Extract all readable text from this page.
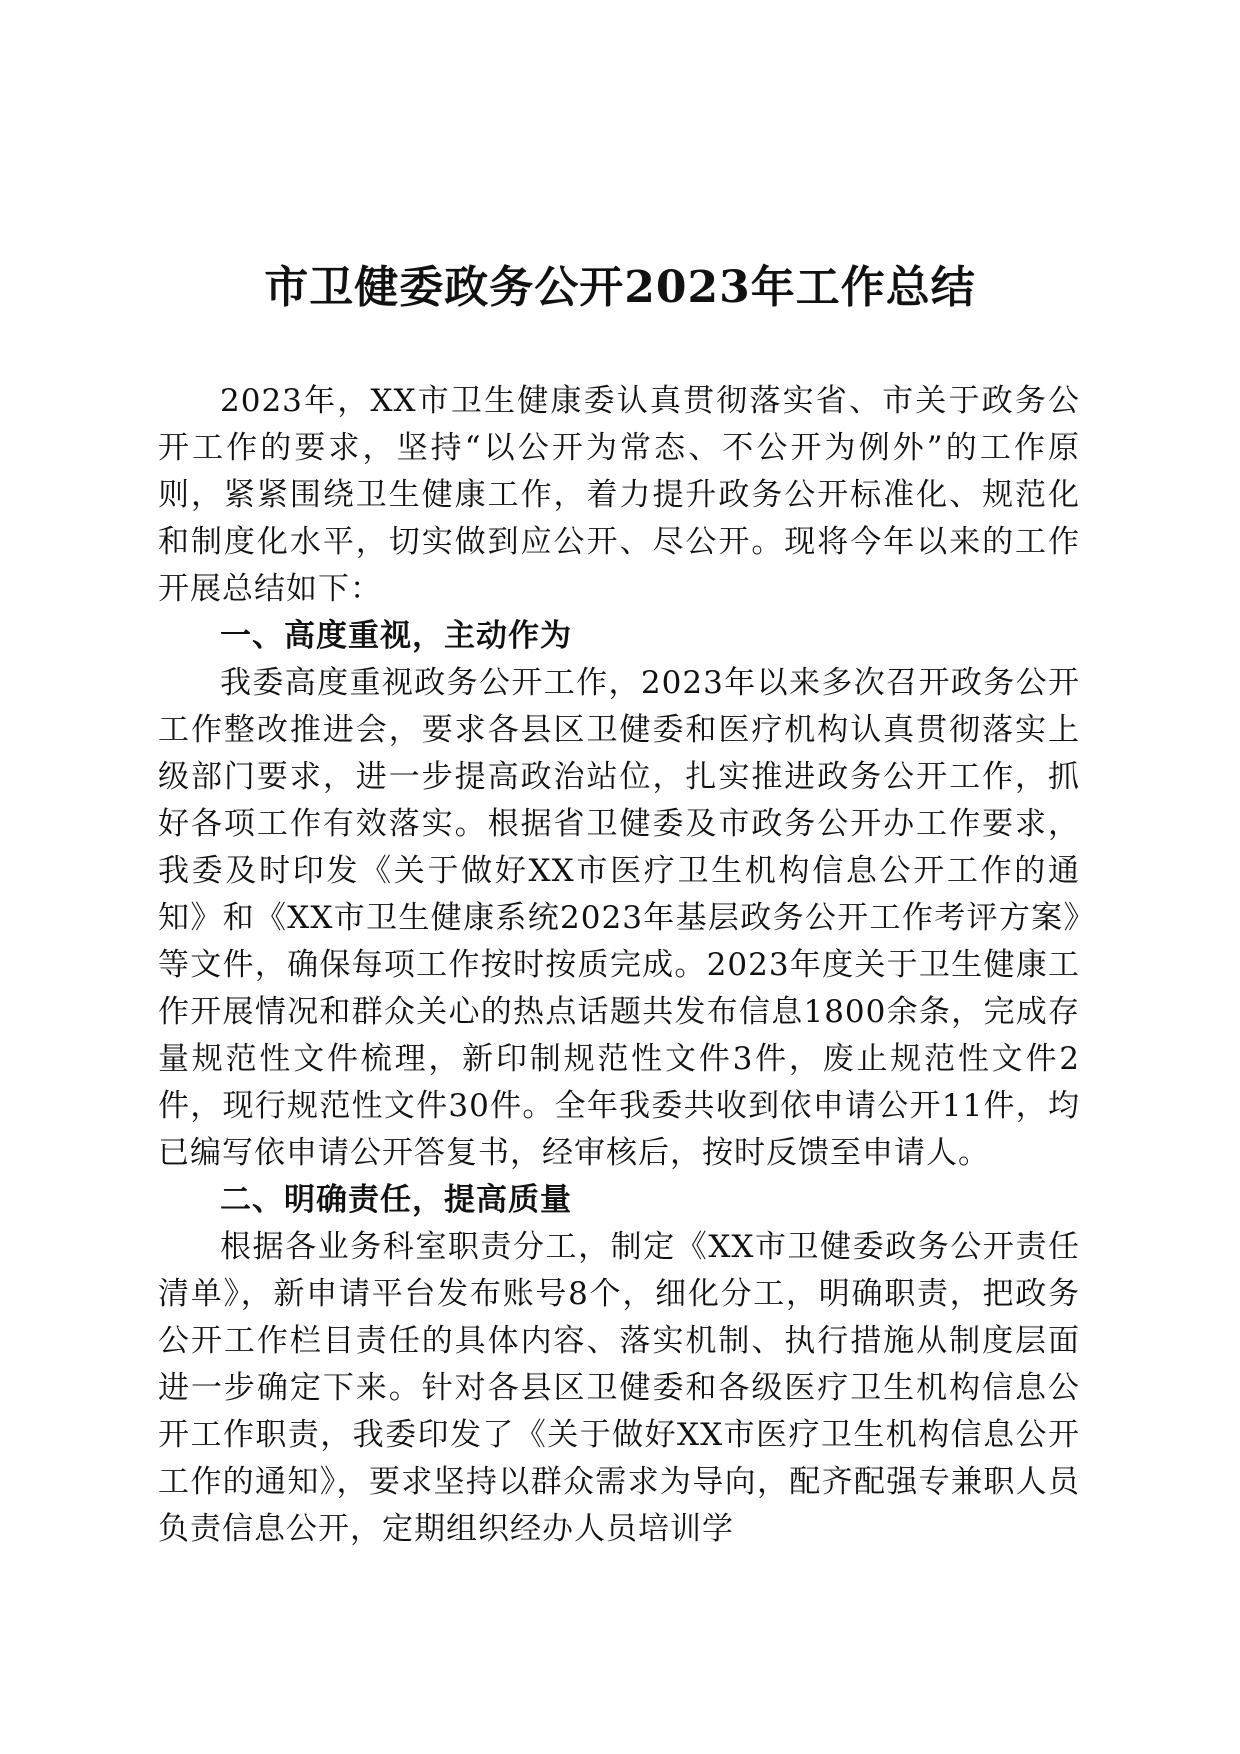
市卫健委政务公开2023年工作总结

2023年，XX市卫生健康委认真贯彻落实省、市关于政务公开工作的要求，坚持“以公开为常态、不公开为例外”的工作原则，紧紧围绕卫生健康工作，着力提升政务公开标准化、规范化和制度化水平，切实做到应公开、尽公开。现将今年以来的工作开展总结如下：

一、高度重视，主动作为

我委高度重视政务公开工作，2023年以来多次召开政务公开工作整改推进会，要求各县区卫健委和医疗机构认真贯彻落实上级部门要求，进一步提高政治站位，扎实推进政务公开工作，抓好各项工作有效落实。根据省卫健委及市政务公开办工作要求，我委及时印发《关于做好XX市医疗卫生机构信息公开工作的通知》和《XX市卫生健康系统2023年基层政务公开工作考评方案》等文件，确保每项工作按时按质完成。2023年度关于卫生健康工作开展情况和群众关心的热点话题共发布信息1800余条，完成存量规范性文件梳理，新印制规范性文件3件，废止规范性文件2件，现行规范性文件30件。全年我委共收到依申请公开11件，均已编写依申请公开答复书，经审核后，按时反馈至申请人。

二、明确责任，提高质量

根据各业务科室职责分工，制定《XX市卫健委政务公开责任清单》，新申请平台发布账号8个，细化分工，明确职责，把政务公开工作栏目责任的具体内容、落实机制、执行措施从制度层面进一步确定下来。针对各县区卫健委和各级医疗卫生机构信息公开工作职责，我委印发了《关于做好XX市医疗卫生机构信息公开工作的通知》，要求坚持以群众需求为导向，配齐配强专兼职人员负责信息公开，定期组织经办人员培训学
